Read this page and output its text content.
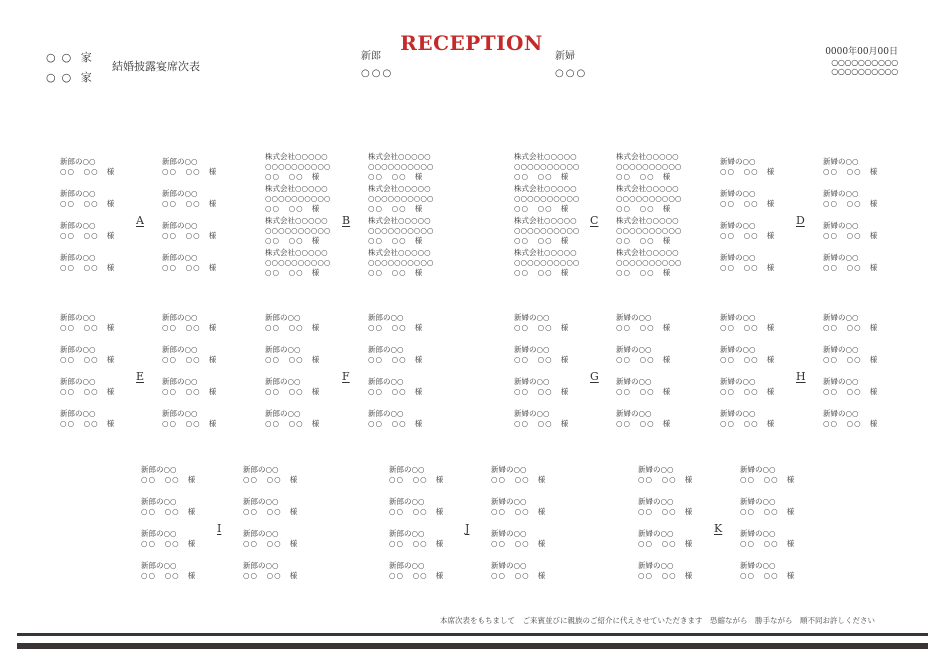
○○ 家
○○ 家
結婚披露宴席次表
RECEPTION
新郎
○○○
新婦
○○○
0000年00月00日
○○○○○○○○○○
○○○○○○○○○○
新郎の○○
○○　○○ 様
新郎の○○
○○　○○ 様
新郎の○○
○○　○○ 様
新郎の○○
○○　○○ 様
新郎の○○
○○　○○ 様
新郎の○○
○○　○○ 様
新郎の○○
○○　○○ 様
新郎の○○
○○　○○ 様
A
株式会社○○○○○
○○○○○○○○○○
○○　○○ 様
株式会社○○○○○
○○○○○○○○○○
○○　○○ 様
株式会社○○○○○
○○○○○○○○○○
○○　○○ 様
株式会社○○○○○
○○○○○○○○○○
○○　○○ 様
株式会社○○○○○
○○○○○○○○○○
○○　○○ 様
株式会社○○○○○
○○○○○○○○○○
○○　○○ 様
株式会社○○○○○
○○○○○○○○○○
○○　○○ 様
株式会社○○○○○
○○○○○○○○○○
○○　○○ 様
B
株式会社○○○○○
○○○○○○○○○○
○○　○○ 様
株式会社○○○○○
○○○○○○○○○○
○○　○○ 様
株式会社○○○○○
○○○○○○○○○○
○○　○○ 様
株式会社○○○○○
○○○○○○○○○○
○○　○○ 様
株式会社○○○○○
○○○○○○○○○○
○○　○○ 様
株式会社○○○○○
○○○○○○○○○○
○○　○○ 様
株式会社○○○○○
○○○○○○○○○○
○○　○○ 様
株式会社○○○○○
○○○○○○○○○○
○○　○○ 様
C
新婦の○○
○○　○○ 様
新婦の○○
○○　○○ 様
新婦の○○
○○　○○ 様
新婦の○○
○○　○○ 様
新婦の○○
○○　○○ 様
新婦の○○
○○　○○ 様
新婦の○○
○○　○○ 様
新婦の○○
○○　○○ 様
D
新郎の○○
○○　○○ 様
新郎の○○
○○　○○ 様
新郎の○○
○○　○○ 様
新郎の○○
○○　○○ 様
新郎の○○
○○　○○ 様
新郎の○○
○○　○○ 様
新郎の○○
○○　○○ 様
新郎の○○
○○　○○ 様
E
新郎の○○
○○　○○ 様
新郎の○○
○○　○○ 様
新郎の○○
○○　○○ 様
新郎の○○
○○　○○ 様
新郎の○○
○○　○○ 様
新郎の○○
○○　○○ 様
新郎の○○
○○　○○ 様
新郎の○○
○○　○○ 様
F
新婦の○○
○○　○○ 様
新婦の○○
○○　○○ 様
新婦の○○
○○　○○ 様
新婦の○○
○○　○○ 様
新婦の○○
○○　○○ 様
新婦の○○
○○　○○ 様
新婦の○○
○○　○○ 様
新婦の○○
○○　○○ 様
G
新婦の○○
○○　○○ 様
新婦の○○
○○　○○ 様
新婦の○○
○○　○○ 様
新婦の○○
○○　○○ 様
新婦の○○
○○　○○ 様
新婦の○○
○○　○○ 様
新婦の○○
○○　○○ 様
新婦の○○
○○　○○ 様
H
新郎の○○
○○　○○ 様
新郎の○○
○○　○○ 様
新郎の○○
○○　○○ 様
新郎の○○
○○　○○ 様
新郎の○○
○○　○○ 様
新郎の○○
○○　○○ 様
新郎の○○
○○　○○ 様
新郎の○○
○○　○○ 様
I
新郎の○○
○○　○○ 様
新婦の○○
○○　○○ 様
新郎の○○
○○　○○ 様
新婦の○○
○○　○○ 様
新郎の○○
○○　○○ 様
新婦の○○
○○　○○ 様
新郎の○○
○○　○○ 様
新婦の○○
○○　○○ 様
J
新婦の○○
○○　○○ 様
新婦の○○
○○　○○ 様
新婦の○○
○○　○○ 様
新婦の○○
○○　○○ 様
新婦の○○
○○　○○ 様
新婦の○○
○○　○○ 様
新婦の○○
○○　○○ 様
新婦の○○
○○　○○ 様
K
本席次表をもちまして　ご来賓並びに親族のご紹介に代えさせていただきます　恐縮ながら　勝手ながら　順不同お許しください
